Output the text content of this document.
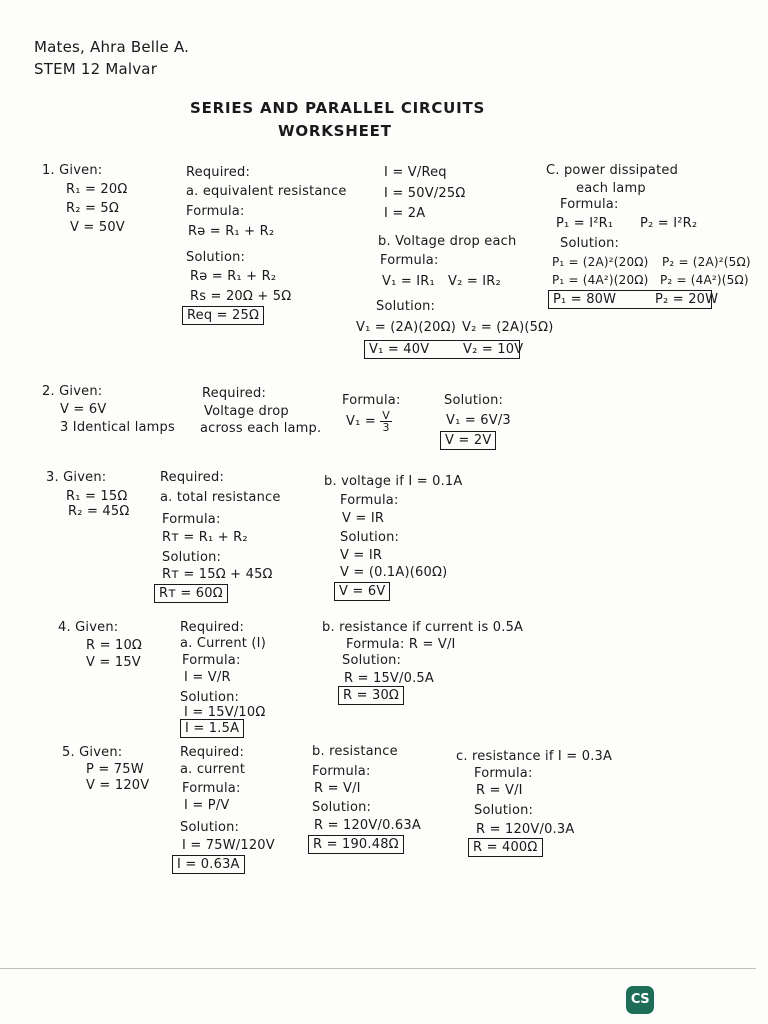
Mates, Ahra Belle A.
STEM 12 Malvar
SERIES AND PARALLEL CIRCUITS
WORKSHEET
1. Given:
R₁ = 20Ω
R₂ = 5Ω
V = 50V
Required:
a. equivalent resistance
Formula:
Rə = R₁ + R₂
Solution:
Rə = R₁ + R₂
Rs = 20Ω + 5Ω
Req = 25Ω
I = V/Req
I = 50V/25Ω
I = 2A
b. Voltage drop each
Formula:
V₁ = IR₁ V₂ = IR₂
Solution:
V₁ = (2A)(20Ω) V₂ = (2A)(5Ω)
V₁ = 40V	V₂ = 10V
C. power dissipated
each lamp
Formula:
P₁ = I²R₁ P₂ = I²R₂
Solution:
P₁ = (2A)²(20Ω) P₂ = (2A)²(5Ω)
P₁ = (4A²)(20Ω) P₂ = (4A²)(5Ω)
P₁ = 80W	P₂ = 20W
2. Given:
V = 6V
3 Identical lamps
Required:
Voltage drop
across each lamp.
Formula:
$V_1 = \frac{V}{3}$
Solution:
V₁ = 6V/3
V = 2V
3. Given:
R₁ = 15Ω
R₂ = 45Ω
Required:
a. total resistance
Formula:
Rᴛ = R₁ + R₂
Solution:
Rᴛ = 15Ω + 45Ω
Rᴛ = 60Ω
b. voltage if I = 0.1A
Formula:
V = IR
Solution:
V = IR
V = (0.1A)(60Ω)
V = 6V
4. Given:
R = 10Ω
V = 15V
Required:
a. Current (I)
Formula:
I = V/R
Solution:
I = 15V/10Ω
I = 1.5A
b. resistance if current is 0.5A
Formula: R = V/I
Solution:
R = 15V/0.5A
R = 30Ω
5. Given:
P = 75W
V = 120V
Required:
a. current
Formula:
I = P/V
Solution:
I = 75W/120V
I = 0.63A
b. resistance
Formula:
R = V/I
Solution:
R = 120V/0.63A
R = 190.48Ω
c. resistance if I = 0.3A
Formula:
R = V/I
Solution:
R = 120V/0.3A
R = 400Ω
CS
